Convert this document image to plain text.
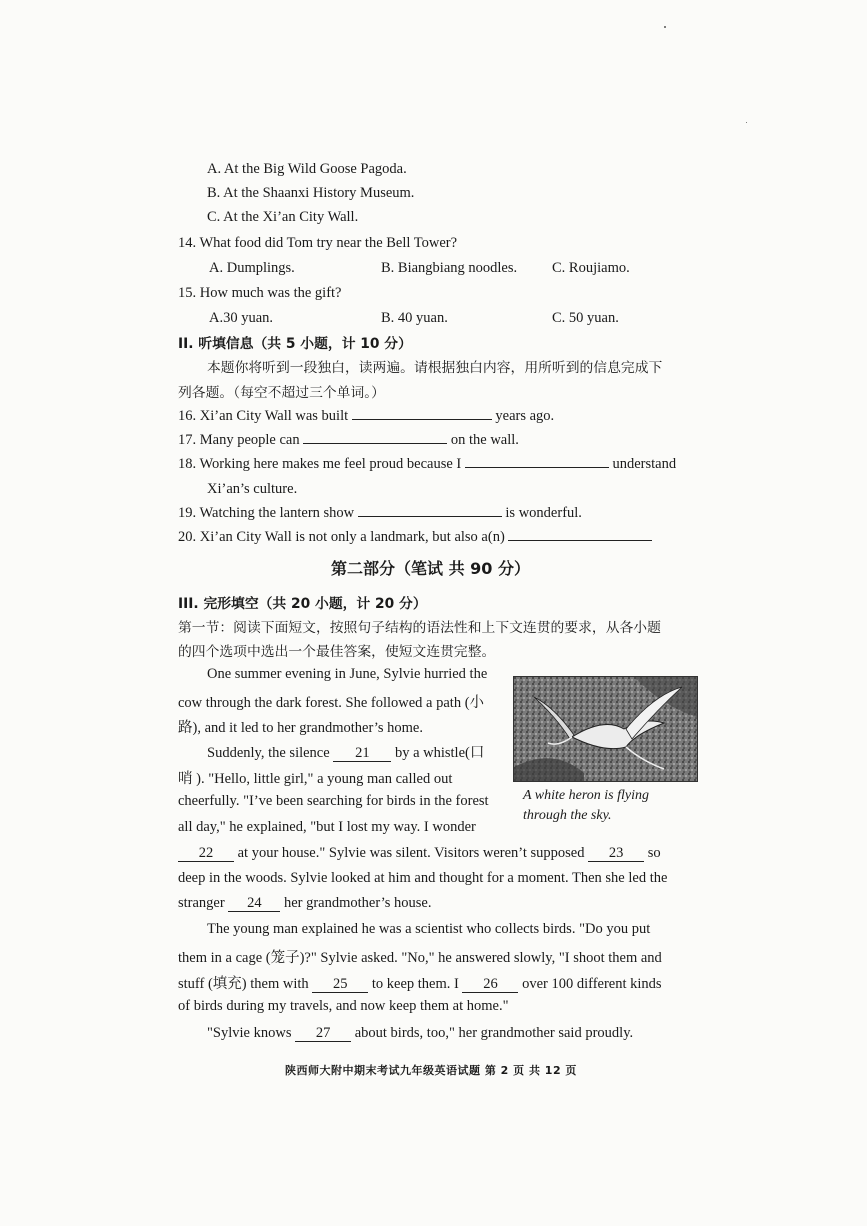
A. At the Big Wild Goose Pagoda.
B. At the Shaanxi History Museum.
C. At the Xi’an City Wall.
14. What food did Tom try near the Bell Tower?
A. Dumplings.	B. Biangbiang noodles. C. Roujiamo.
15. How much was the gift?
A.30 yuan.	B. 40 yuan.	C. 50 yuan.
II. 听填信息（共 5 小题，计 10 分）
本题你将听到一段独白，读两遍。请根据独白内容，用所听到的信息完成下
列各题。（每空不超过三个单词。）
16. Xi’an City Wall was built	years ago.
17. Many people can	on the wall.
18. Working here makes me feel proud because I	understand
Xi’an’s culture.
19. Watching the lantern show	is wonderful.
20. Xi’an City Wall is not only a landmark, but also a(n)
第二部分（笔试 共 90 分）
III. 完形填空（共 20 小题，计 20 分）
第一节：阅读下面短文，按照句子结构的语法性和上下文连贯的要求，从各小题
的四个选项中选出一个最佳答案，使短文连贯完整。
One summer evening in June, Sylvie hurried the
cow through the dark forest. She followed a path (小
路), and it led to her grandmother’s home.
Suddenly, the silence 21 by a whistle(口
哨 ). "Hello, little girl," a young man called out
cheerfully. "I’ve been searching for birds in the forest
all day," he explained, "but I lost my way. I wonder
22 at your house." Sylvie was silent. Visitors weren’t supposed 23 so
deep in the woods. Sylvie looked at him and thought for a moment. Then she led the
stranger 24 her grandmother’s house.
The young man explained he was a scientist who collects birds. "Do you put
them in a cage (笼子)?" Sylvie asked. "No," he answered slowly, "I shoot them and
stuff (填充) them with 25 to keep them. I 26 over 100 different kinds
of birds during my travels, and now keep them at home."
"Sylvie knows 27 about birds, too," her grandmother said proudly.
A white heron is flying
through the sky.
陕西师大附中期末考试九年级英语试题 第 2 页 共 12 页
